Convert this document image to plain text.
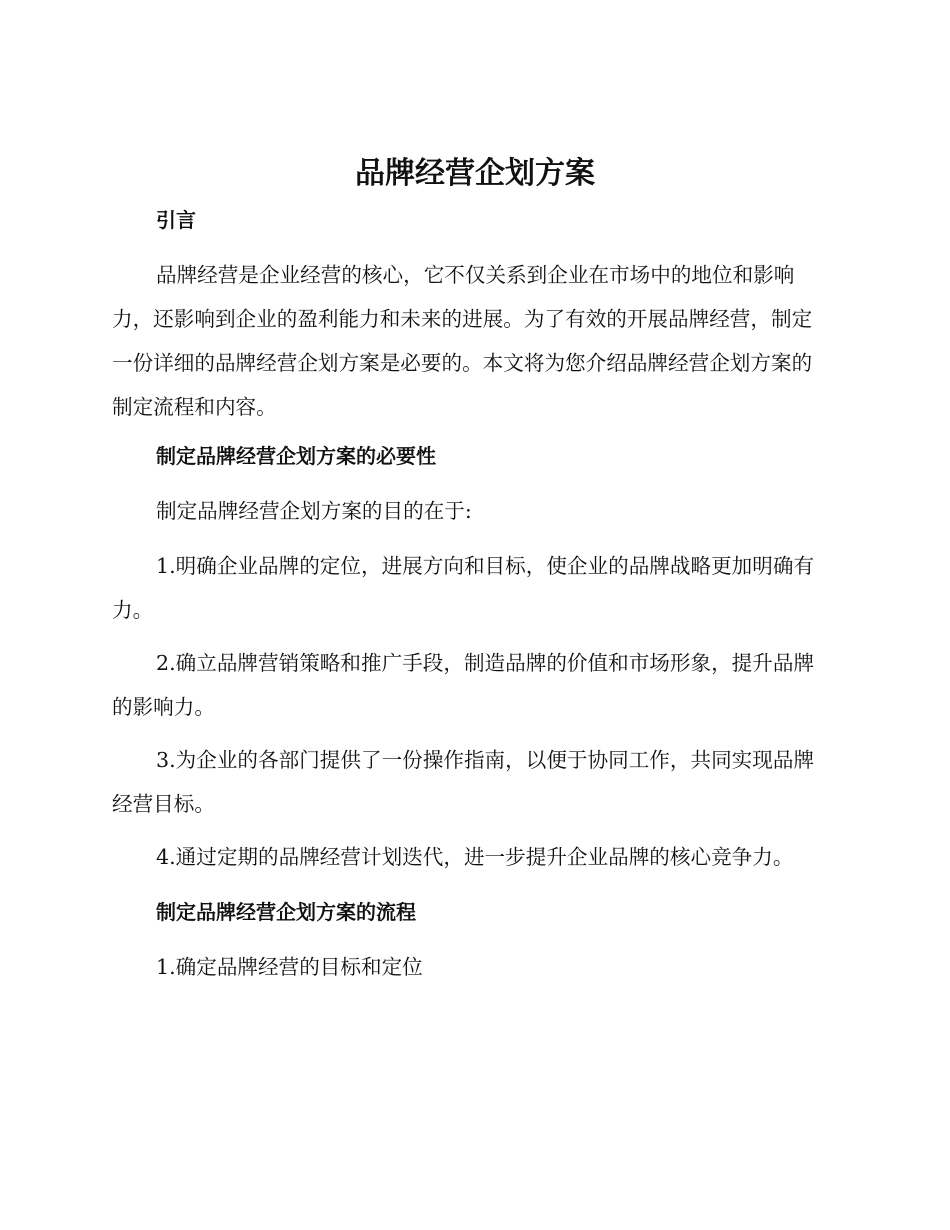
品牌经营企划方案
引言

品牌经营是企业经营的核心，它不仅关系到企业在市场中的地位和影响力，还影响到企业的盈利能力和未来的进展。为了有效的开展品牌经营，制定一份详细的品牌经营企划方案是必要的。本文将为您介绍品牌经营企划方案的制定流程和内容。

制定品牌经营企划方案的必要性

制定品牌经营企划方案的目的在于:

1.明确企业品牌的定位，进展方向和目标，使企业的品牌战略更加明确有力。

2.确立品牌营销策略和推广手段，制造品牌的价值和市场形象，提升品牌的影响力。

3.为企业的各部门提供了一份操作指南，以便于协同工作，共同实现品牌经营目标。

4.通过定期的品牌经营计划迭代，进一步提升企业品牌的核心竞争力。

制定品牌经营企划方案的流程

1.确定品牌经营的目标和定位
